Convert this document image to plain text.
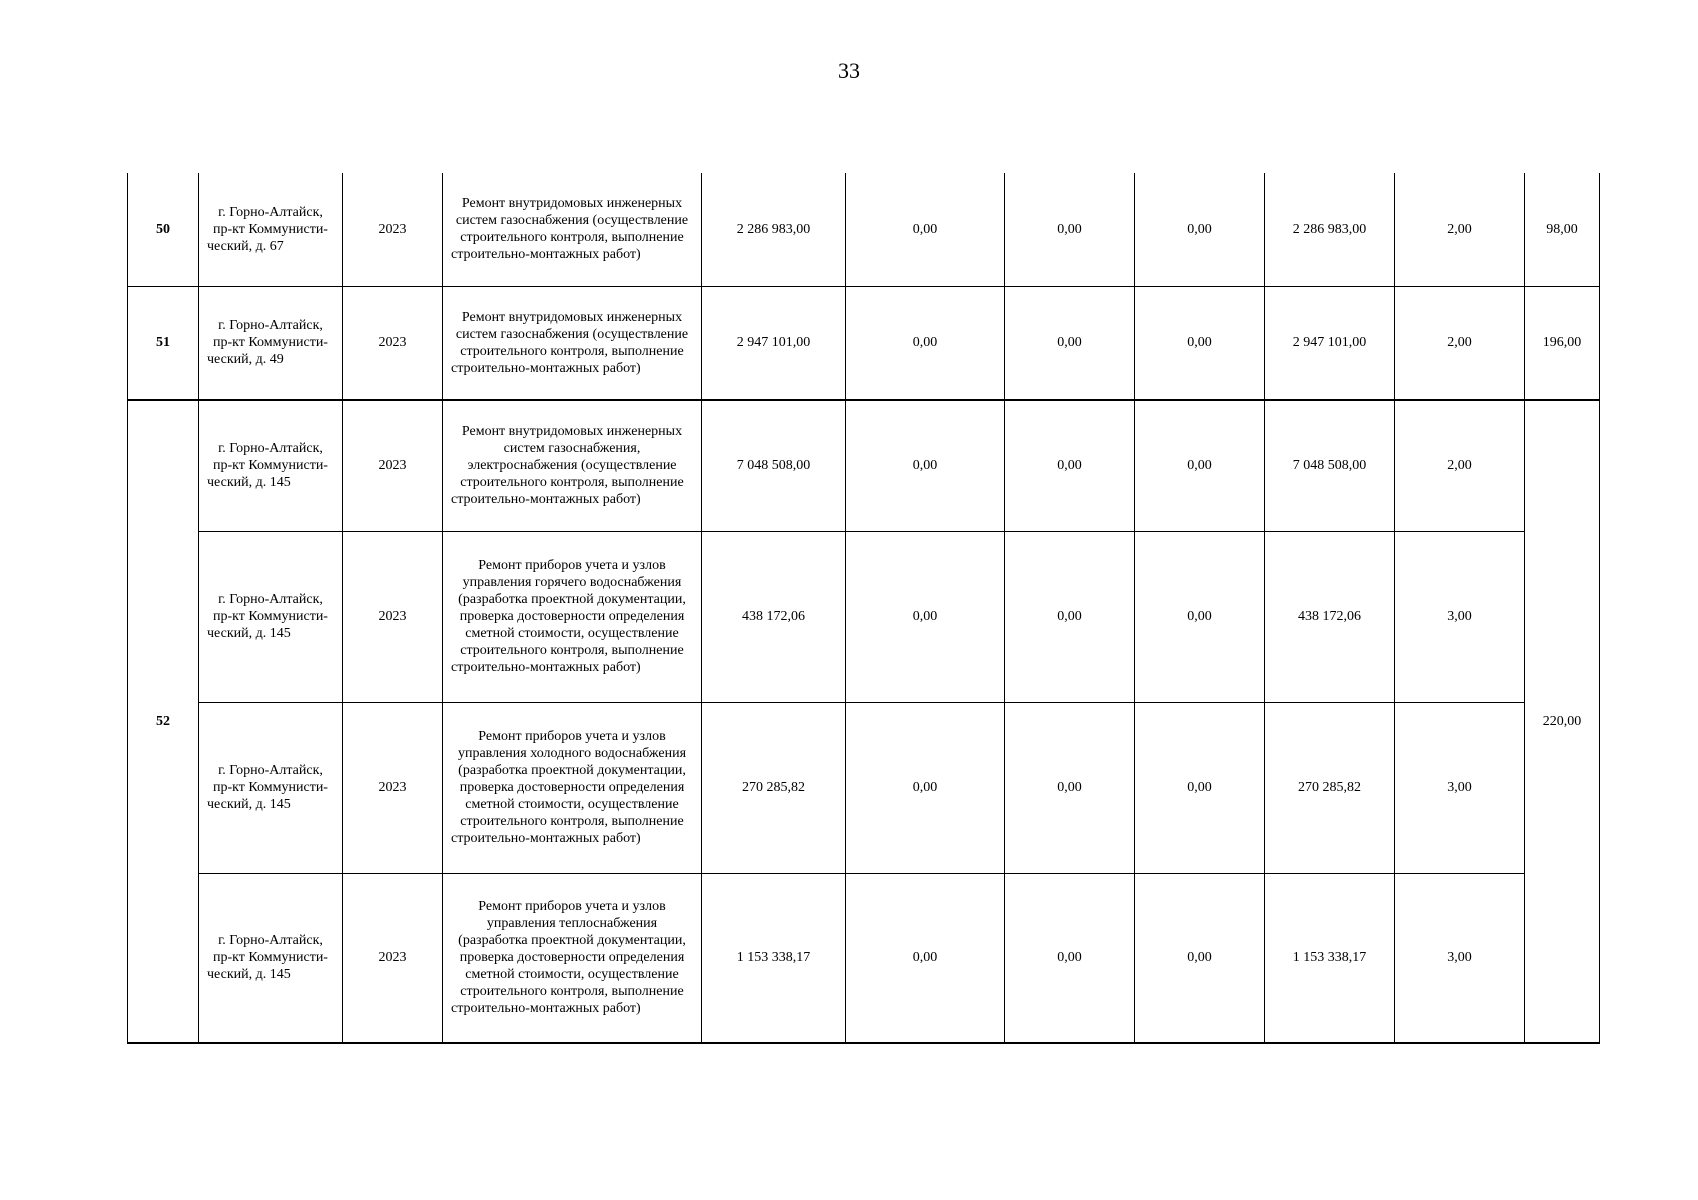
33
50	г. Горно-Алтайск, пр-кт Коммунисти-ческий, д. 67	2023	Ремонт внутридомовых инженерных систем газоснабжения (осуществление строительного контроля, выполнение строительно-монтажных работ)	2 286 983,00	0,00	0,00	0,00	2 286 983,00	2,00	98,00
51	г. Горно-Алтайск, пр-кт Коммунисти-ческий, д. 49	2023	Ремонт внутридомовых инженерных систем газоснабжения (осуществление строительного контроля, выполнение строительно-монтажных работ)	2 947 101,00	0,00	0,00	0,00	2 947 101,00	2,00	196,00
52	г. Горно-Алтайск, пр-кт Коммунисти-ческий, д. 145	2023	Ремонт внутридомовых инженерных систем газоснабжения, электроснабжения (осуществление строительного контроля, выполнение строительно-монтажных работ)	7 048 508,00	0,00	0,00	0,00	7 048 508,00	2,00	220,00

	г. Горно-Алтайск, пр-кт Коммунисти-ческий, д. 145	2023	Ремонт приборов учета и узлов управления горячего водоснабжения (разработка проектной документации, проверка достоверности определения сметной стоимости, осуществление строительного контроля, выполнение строительно-монтажных работ)	438 172,06	0,00	0,00	0,00	438 172,06	3,00	

	г. Горно-Алтайск, пр-кт Коммунисти-ческий, д. 145	2023	Ремонт приборов учета и узлов управления холодного водоснабжения (разработка проектной документации, проверка достоверности определения сметной стоимости, осуществление строительного контроля, выполнение строительно-монтажных работ)	270 285,82	0,00	0,00	0,00	270 285,82	3,00	

	г. Горно-Алтайск, пр-кт Коммунисти-ческий, д. 145	2023	Ремонт приборов учета и узлов управления теплоснабжения (разработка проектной документации, проверка достоверности определения сметной стоимости, осуществление строительного контроля, выполнение строительно-монтажных работ)	1 153 338,17	0,00	0,00	0,00	1 153 338,17	3,00	
